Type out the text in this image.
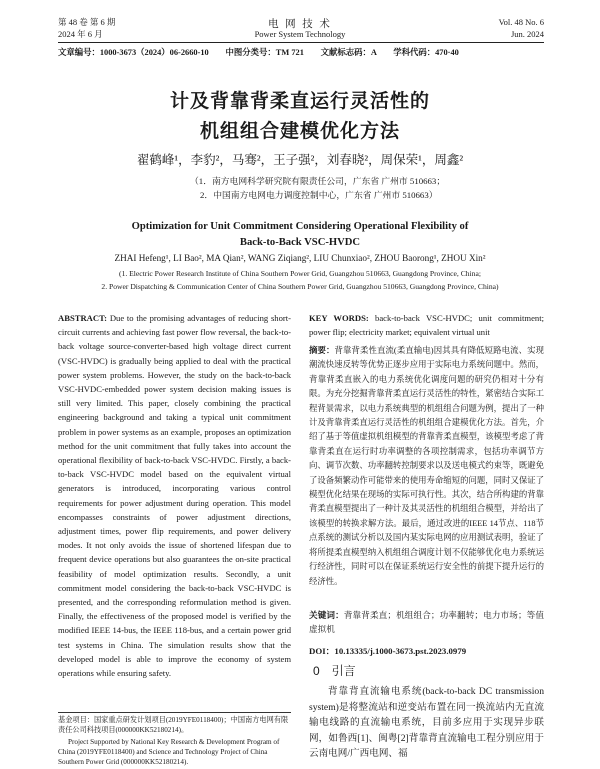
第 48 卷 第 6 期
2024 年 6 月
电 网 技 术
Power System Technology
Vol. 48 No. 6
Jun. 2024
文章编号：1000-3673（2024）06-2660-10　　中图分类号：TM 721　　文献标志码：A　　学科代码：470·40
计及背靠背柔直运行灵活性的
机组组合建模优化方法
翟鹤峰¹，李豹²，马骞²，王子强²，刘春晓²，周保荣¹，周鑫²
（1．南方电网科学研究院有限责任公司，广东省 广州市 510663；
2．中国南方电网电力调度控制中心，广东省 广州市 510663）
Optimization for Unit Commitment Considering Operational Flexibility of
Back-to-Back VSC-HVDC
ZHAI Hefeng¹, LI Bao², MA Qian², WANG Ziqiang², LIU Chunxiao², ZHOU Baorong¹, ZHOU Xin²
(1. Electric Power Research Institute of China Southern Power Grid, Guangzhou 510663, Guangdong Province, China;
2. Power Dispatching & Communication Center of China Southern Power Grid, Guangzhou 510663, Guangdong Province, China)
ABSTRACT: Due to the promising advantages of reducing short-circuit currents and achieving fast power flow reversal, the back-to-back voltage source-converter-based high voltage direct current (VSC-HVDC) is gradually being applied to deal with the practical power system problems. However, the study on the back-to-back VSC-HVDC-embedded power system decision making issues is still very limited. This paper, closely combining the practical engineering background and taking a typical unit commitment problem in power systems as an example, proposes an optimization method for the unit commitment that fully takes into account the operational flexibility of back-to-back VSC-HVDC. Firstly, a back-to-back VSC-HVDC model based on the equivalent virtual generators is introduced, incorporating various control requirements for power adjustment during operation. This model encompasses constraints of power adjustment directions, adjustment times, power flip requirements, and power delivery modes. It not only avoids the issue of shortened lifespan due to frequent device operations but also guarantees the on-site practical feasibility of model optimization results. Secondly, a unit commitment model considering the back-to-back VSC-HVDC is presented, and the corresponding reformulation method is given. Finally, the effectiveness of the proposed model is verified by the modified IEEE 14-bus, the IEEE 118-bus, and a certain power grid test systems in China. The simulation results show that the developed model is able to improve the economy of system operations while ensuring safety.
基金项目：国家重点研发计划项目(2019YFE0118400)；中国南方电网有限责任公司科技项目(000000KK52180214)。
Project Supported by National Key Research & Development Program of China (2019YFE0118400) and Science and Technology Project of China Southern Power Grid (000000KK52180214).
KEY WORDS: back-to-back VSC-HVDC; unit commitment; power flip; electricity market; equivalent virtual unit
摘要：背靠背柔性直流(柔直输电)因其具有降低短路电流、实现潮流快速反转等优势正逐步应用于实际电力系统问题中。然而，背靠背柔直嵌入的电力系统优化调度问题的研究仍相对十分有限。为充分挖掘背靠背柔直运行灵活性的特性，紧密结合实际工程背景需求，以电力系统典型的机组组合问题为例，提出了一种计及背靠背柔直运行灵活性的机组组合建模优化方法。首先，介绍了基于等值虚拟机组模型的背靠背柔直模型，该模型考虑了背靠背柔直在运行时功率调整的各项控制需求，包括功率调节方向、调节次数、功率翻转控制要求以及送电模式约束等，既避免了设备频繁动作可能带来的使用寿命缩短的问题，同时又保证了模型优化结果在现场的实际可执行性。其次，结合所构建的背靠背柔直模型提出了一种计及其灵活性的机组组合模型，并给出了该模型的转换求解方法。最后，通过改进的IEEE 14节点、118节点系统的测试分析以及国内某实际电网的应用测试表明，验证了将所提柔直模型纳入机组组合调度计划不仅能够优化电力系统运行经济性，同时可以在保证系统运行安全性的前提下提升运行的经济性。
关键词：背靠背柔直；机组组合；功率翻转；电力市场；等值虚拟机
DOI：10.13335/j.1000-3673.pst.2023.0979
0　引言
背靠背直流输电系统(back-to-back DC transmission system)是将整流站和逆变站布置在同一换流站内无直流输电线路的直流输电系统，目前多应用于实现异步联网，如鲁西[1]、闽粤[2]背靠背直流输电工程分别应用于云南电网/广西电网、福
